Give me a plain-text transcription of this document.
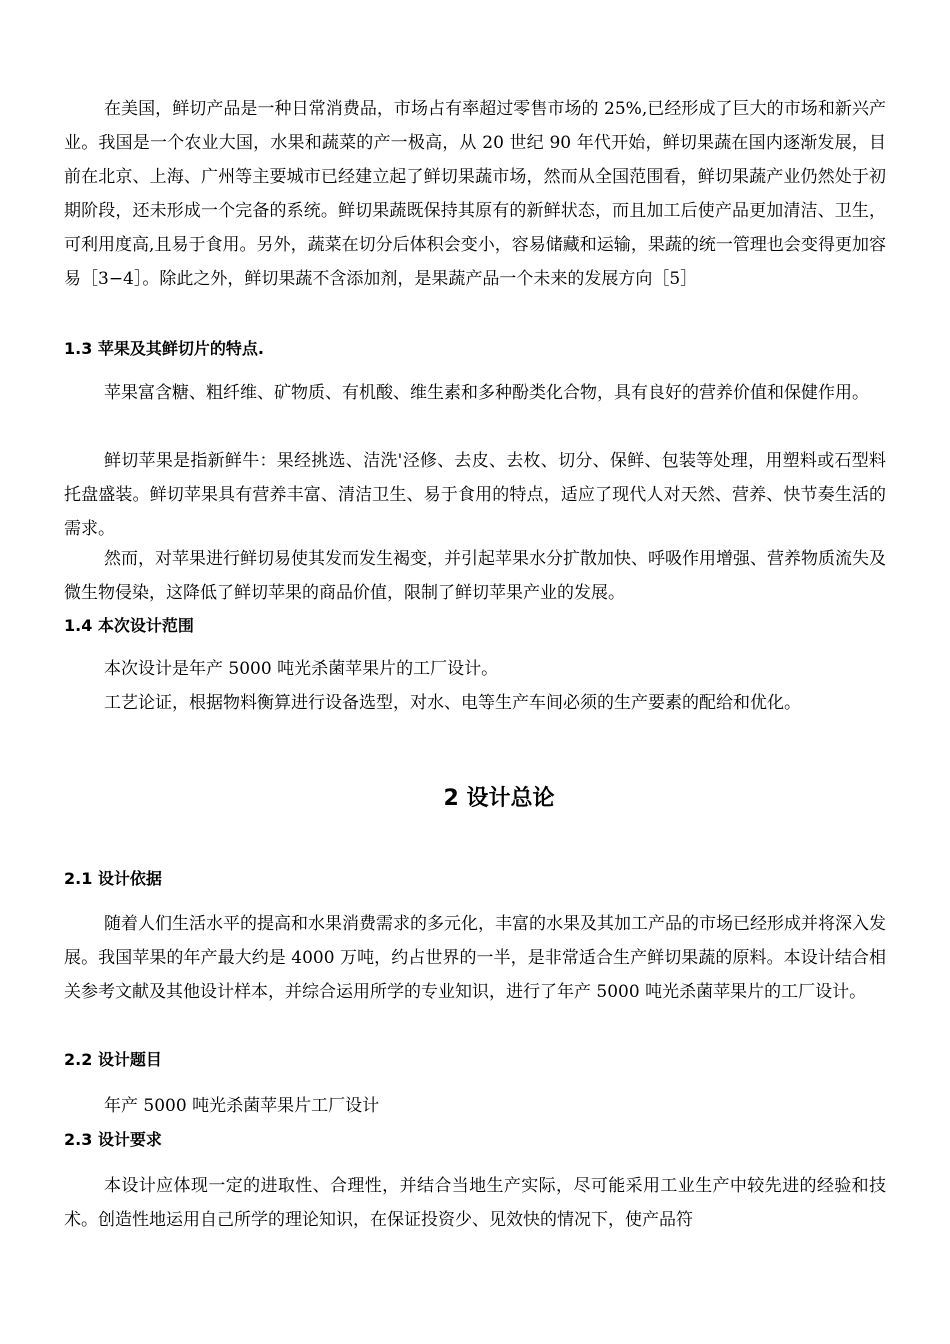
在美国，鲜切产品是一种日常消费品，市场占有率超过零售市场的 25%,已经形成了巨大的市场和新兴产业。我国是一个农业大国，水果和蔬菜的产一极高，从 20 世纪 90 年代开始，鲜切果蔬在国内逐渐发展，目前在北京、上海、广州等主要城市已经建立起了鲜切果蔬市场，然而从全国范围看，鲜切果蔬产业仍然处于初期阶段，还未形成一个完备的系统。鲜切果蔬既保持其原有的新鲜状态，而且加工后使产品更加清洁、卫生，可利用度高,且易于食用。另外，蔬菜在切分后体积会变小，容易储藏和运输，果蔬的统一管理也会变得更加容易［3−4］。除此之外，鲜切果蔬不含添加剂，是果蔬产品一个未来的发展方向［5］

1.3 苹果及其鲜切片的特点.

苹果富含糖、粗纤维、矿物质、有机酸、维生素和多种酚类化合物，具有良好的营养价值和保健作用。

鲜切苹果是指新鲜牛：果经挑选、洁洗'泾修、去皮、去枚、切分、保鲜、包装等处理，用塑料或石型料托盘盛装。鲜切苹果具有营养丰富、清洁卫生、易于食用的特点，适应了现代人对天然、营养、快节奏生活的需求。

然而，对苹果进行鲜切易使其发而发生褐变，并引起苹果水分扩散加快、呼吸作用增强、营养物质流失及微生物侵染，这降低了鲜切苹果的商品价值，限制了鲜切苹果产业的发展。

1.4 本次设计范围

本次设计是年产 5000 吨光杀菌苹果片的工厂设计。

工艺论证，根据物料衡算进行设备选型，对水、电等生产车间必须的生产要素的配给和优化。

2 设计总论
2.1 设计依据

随着人们生活水平的提高和水果消费需求的多元化，丰富的水果及其加工产品的市场已经形成并将深入发展。我国苹果的年产最大约是 4000 万吨，约占世界的一半，是非常适合生产鲜切果蔬的原料。本设计结合相关参考文献及其他设计样本，并综合运用所学的专业知识，进行了年产 5000 吨光杀菌苹果片的工厂设计。

2.2 设计题目

年产 5000 吨光杀菌苹果片工厂设计

2.3 设计要求

本设计应体现一定的进取性、合理性，并结合当地生产实际，尽可能采用工业生产中较先进的经验和技术。创造性地运用自己所学的理论知识，在保证投资少、见效快的情况下，使产品符
